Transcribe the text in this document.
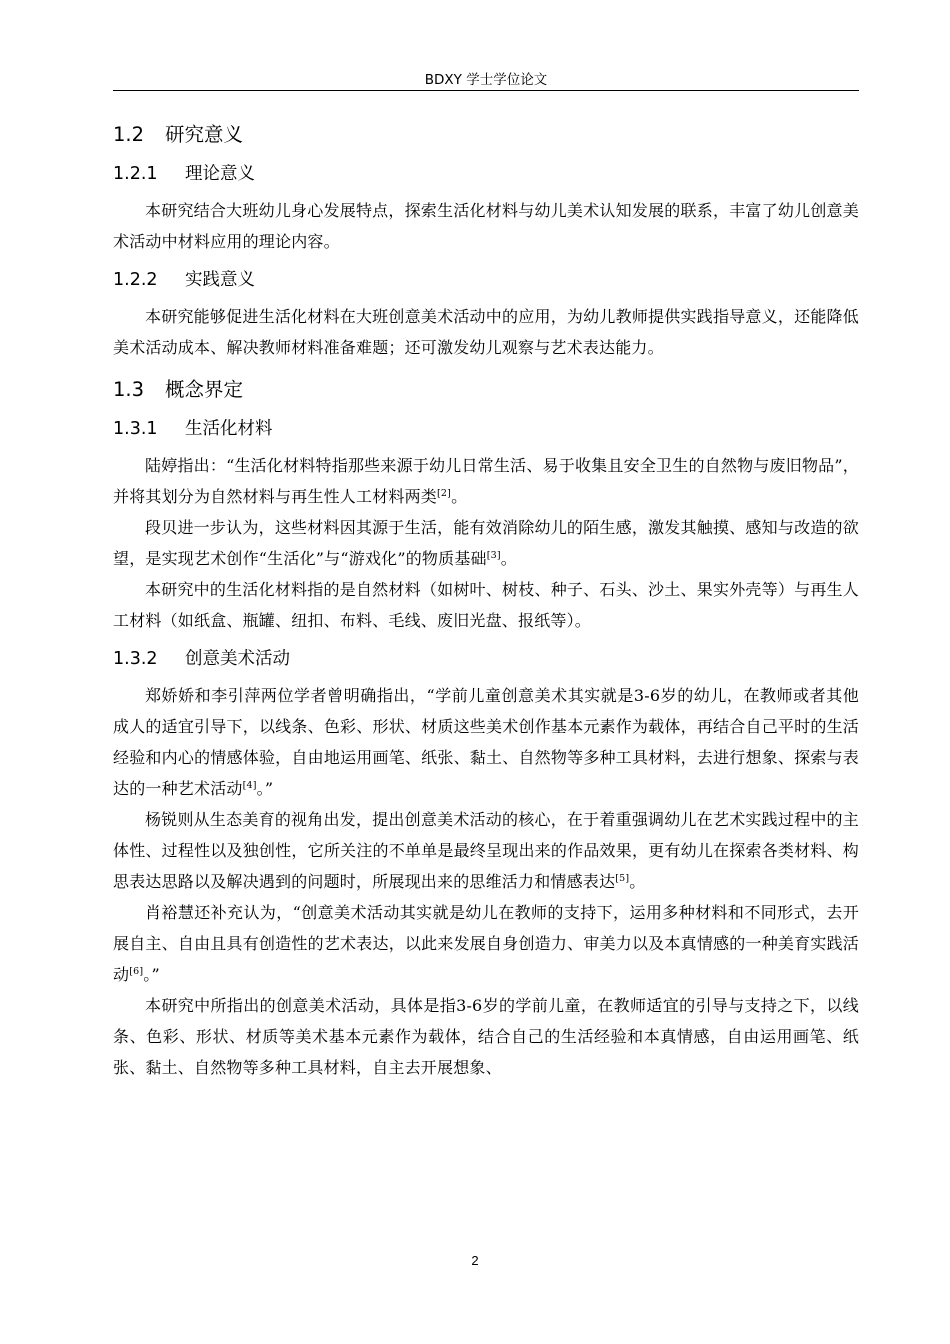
BDXY 学士学位论文
1.2	研究意义
1.2.1	理论意义

本研究结合大班幼儿身心发展特点，探索生活化材料与幼儿美术认知发展的联系，丰富了幼儿创意美术活动中材料应用的理论内容。

1.2.2	实践意义

本研究能够促进生活化材料在大班创意美术活动中的应用，为幼儿教师提供实践指导意义，还能降低美术活动成本、解决教师材料准备难题；还可激发幼儿观察与艺术表达能力。

1.3	概念界定
1.3.1	生活化材料

陆婷指出：“生活化材料特指那些来源于幼儿日常生活、易于收集且安全卫生的自然物与废旧物品”，并将其划分为自然材料与再生性人工材料两类[2]。

段贝进一步认为，这些材料因其源于生活，能有效消除幼儿的陌生感，激发其触摸、感知与改造的欲望，是实现艺术创作“生活化”与“游戏化”的物质基础[3]。

本研究中的生活化材料指的是自然材料（如树叶、树枝、种子、石头、沙土、果实外壳等）与再生人工材料（如纸盒、瓶罐、纽扣、布料、毛线、废旧光盘、报纸等）。

1.3.2	创意美术活动

郑娇娇和李引萍两位学者曾明确指出，“学前儿童创意美术其实就是3-6岁的幼儿，在教师或者其他成人的适宜引导下，以线条、色彩、形状、材质这些美术创作基本元素作为载体，再结合自己平时的生活经验和内心的情感体验，自由地运用画笔、纸张、黏土、自然物等多种工具材料，去进行想象、探索与表达的一种艺术活动[4]。”

杨锐则从生态美育的视角出发，提出创意美术活动的核心，在于着重强调幼儿在艺术实践过程中的主体性、过程性以及独创性，它所关注的不单单是最终呈现出来的作品效果，更有幼儿在探索各类材料、构思表达思路以及解决遇到的问题时，所展现出来的思维活力和情感表达[5]。

肖裕慧还补充认为，“创意美术活动其实就是幼儿在教师的支持下，运用多种材料和不同形式，去开展自主、自由且具有创造性的艺术表达，以此来发展自身创造力、审美力以及本真情感的一种美育实践活动[6]。”

本研究中所指出的创意美术活动，具体是指3-6岁的学前儿童，在教师适宜的引导与支持之下，以线条、色彩、形状、材质等美术基本元素作为载体，结合自己的生活经验和本真情感，自由运用画笔、纸张、黏土、自然物等多种工具材料，自主去开展想象、

2
